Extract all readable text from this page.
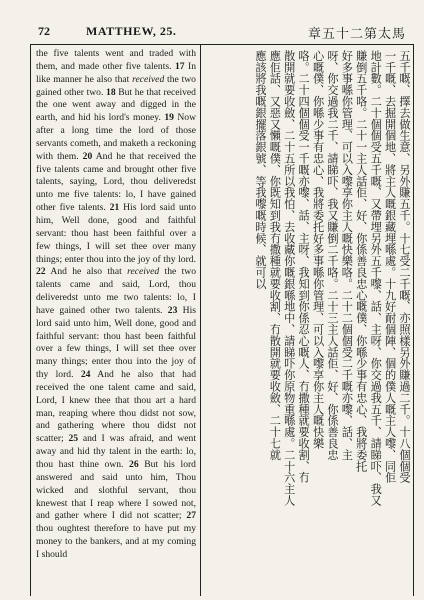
72	MATTHEW, 25.	章五十二第太馬
the five talents went and traded with them, and made other five talents. 17 In like manner he also that received the two gained other two. 18 But he that received the one went away and digged in the earth, and hid his lord's money. 19 Now after a long time the lord of those servants cometh, and maketh a reckoning with them. 20 And he that received the five talents came and brought other five talents, saying, Lord, thou deliveredst unto me five talents: lo, I have gained other five talents. 21 His lord said unto him, Well done, good and faithful servant: thou hast been faithful over a few things, I will set thee over many things; enter thou into the joy of thy lord. 22 And he also that received the two talents came and said, Lord, thou deliveredst unto me two talents: lo, I have gained other two talents. 23 His lord said unto him, Well done, good and faithful servant: thou hast been faithful over a few things, I will set thee over many things; enter thou into the joy of thy lord. 24 And he also that had received the one talent came and said, Lord, I knew thee that thou art a hard man, reaping where thou didst not sow, and gathering where thou didst not scatter; 25 and I was afraid, and went away and hid thy talent in the earth: lo, thou hast thine own. 26 But his lord answered and said unto him, Thou wicked and slothful servant, thou knewest that I reap where I sowed not, and gather where I did not scatter; 27 thou oughtest therefore to have put my money to the bankers, and at my coming I should
五千嘅、擇去做生意、另外賺五千。十七受二千嘅、亦照樣另外賺過二千。十八個個受
一千嘅、去掘開個地、將主人嘅銀藏埋喺處。十九好耐個陣、個的僕人嘅主人嚟、同佢
地計數。二十個個受五千嘅、又帶埋另外五千嚟、話、主呀、你交過我五千、請睇吓、我又
賺倒五千咯。二十一主人話佢、好、你係善良忠心嘅僕、你喺少事有忠心、我將委托
好多事喺你管理、可以入嚟享你主人嘅快樂咯。二十二個個受二千嘅亦嚟、話、主
呀、你交過我二千、請睇吓、我又賺倒二千咯。二十三主人話佢、好、你係善良忠
心嘅僕、你喺少事有忠心、我將委托好多事喺你管理、可以入嚟享你主人嘅快樂
咯。二十四個個受一千嘅亦嚟、話、主呀、我知到你係忍心嘅人、冇撒種就要收割、冇
散開就要收斂、二十五所以我怕、去收藏你嘅銀喺地中、請睇吓你原物重喺處。二十六主人
應佢話、又惡又懶嘅僕、你既知到我冇撒種就要收割、冇散開就要收斂、二十七就
應該將我嘅銀擺落銀號、等我嚟嘅時候、就可以
